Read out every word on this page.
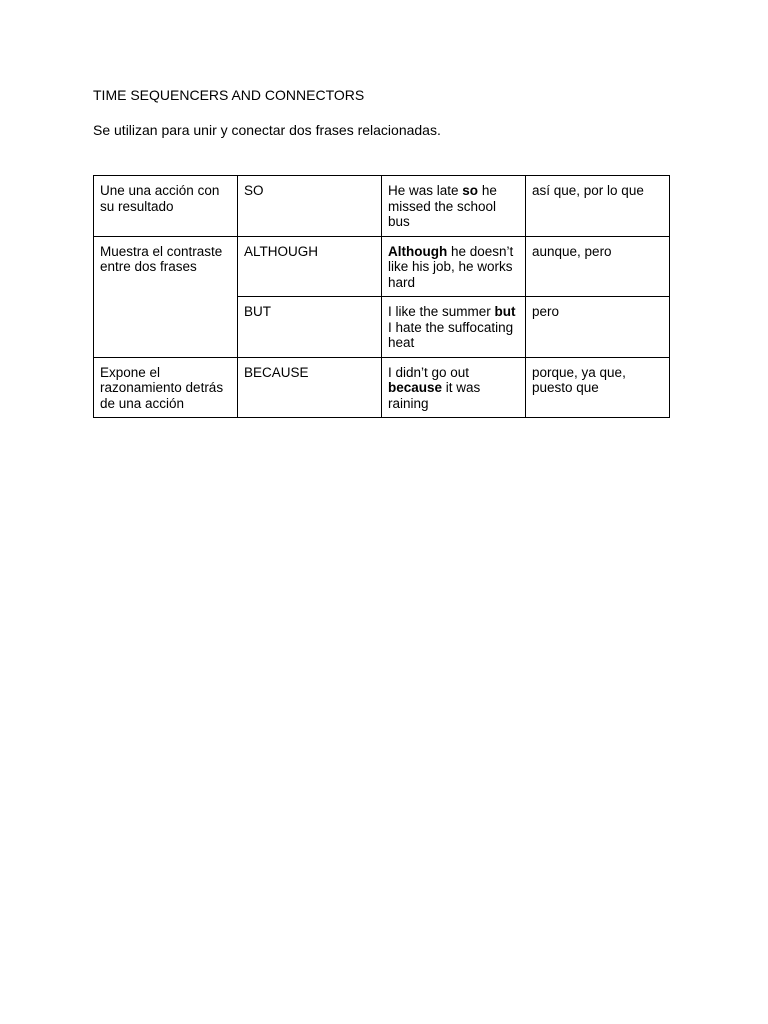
TIME SEQUENCERS AND CONNECTORS

Se utilizan para unir y conectar dos frases relacionadas.

Une una acción con su resultado	SO	He was late so he missed the school bus	así que, por lo que
Muestra el contraste entre dos frases	ALTHOUGH	Although he doesn’t like his job, he works hard	aunque, pero
	BUT	I like the summer but I hate the suffocating heat	pero
Expone el razonamiento detrás de una acción	BECAUSE	I didn’t go out because it was raining	porque, ya que, puesto que
